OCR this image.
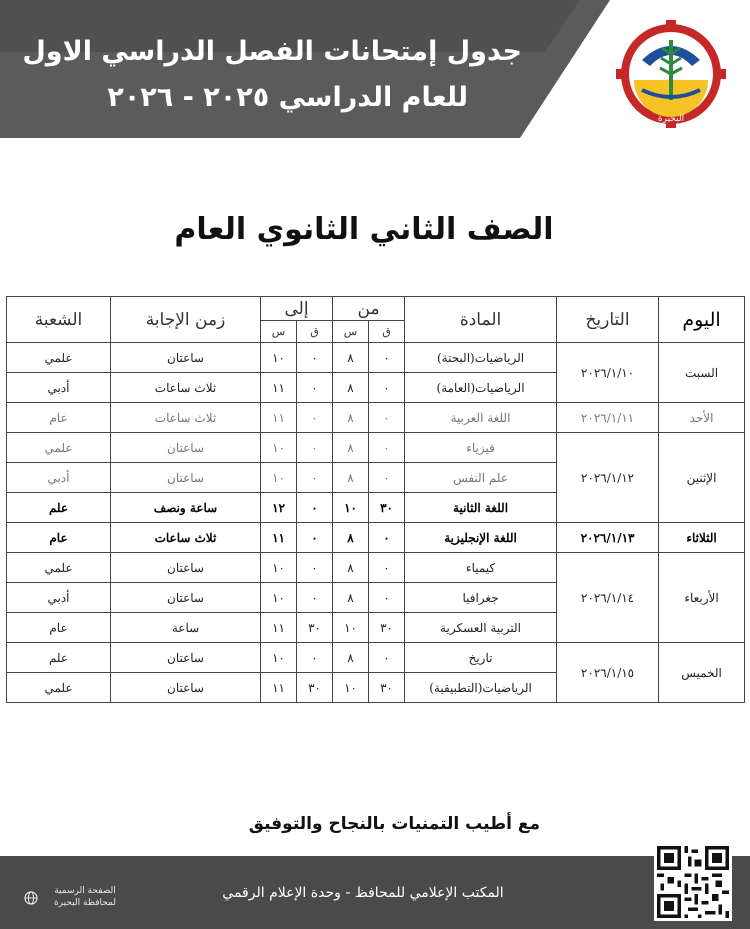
جدول إمتحانات الفصل الدراسي الاول
للعام الدراسي ٢٠٢٥ - ٢٠٢٦
البحيرة
الصف الثاني الثانوي العام
اليوم	التاريخ	المادة	من		إلى		زمن الإجابة	الشعبة
			ق	س	ق	س		
السبت	٢٠٢٦/١/١٠	الرياضيات(البحتة)	٠	٨	٠	١٠	ساعتان	علمي
		الرياضيات(العامة)	٠	٨	٠	١١	ثلاث ساعات	أدبي
الأحد	٢٠٢٦/١/١١	اللغة العربية	٠	٨	٠	١١	ثلاث ساعات	عام
الإثنين	٢٠٢٦/١/١٢	فيزياء	٠	٨	٠	١٠	ساعتان	علمي
		علم النفس	٠	٨	٠	١٠	ساعتان	أدبي
		اللغة الثانية	٣٠	١٠	٠	١٢	ساعة ونصف	علم
الثلاثاء	٢٠٢٦/١/١٣	اللغة الإنجليزية	٠	٨	٠	١١	ثلاث ساعات	عام
الأربعاء	٢٠٢٦/١/١٤	كيمياء	٠	٨	٠	١٠	ساعتان	علمي
		جغرافيا	٠	٨	٠	١٠	ساعتان	أدبي
		التربية العسكرية	٣٠	١٠	٣٠	١١	ساعة	عام
الخميس	٢٠٢٦/١/١٥	تاريخ	٠	٨	٠	١٠	ساعتان	علم
		الرياضيات(التطبيقية)	٣٠	١٠	٣٠	١١	ساعتان	علمي
مع أطيب التمنيات بالنجاح والتوفيق
المكتب الإعلامي للمحافظ - وحدة الإعلام الرقمي
الصفحة الرسمية
لمحافظة البحيرة
